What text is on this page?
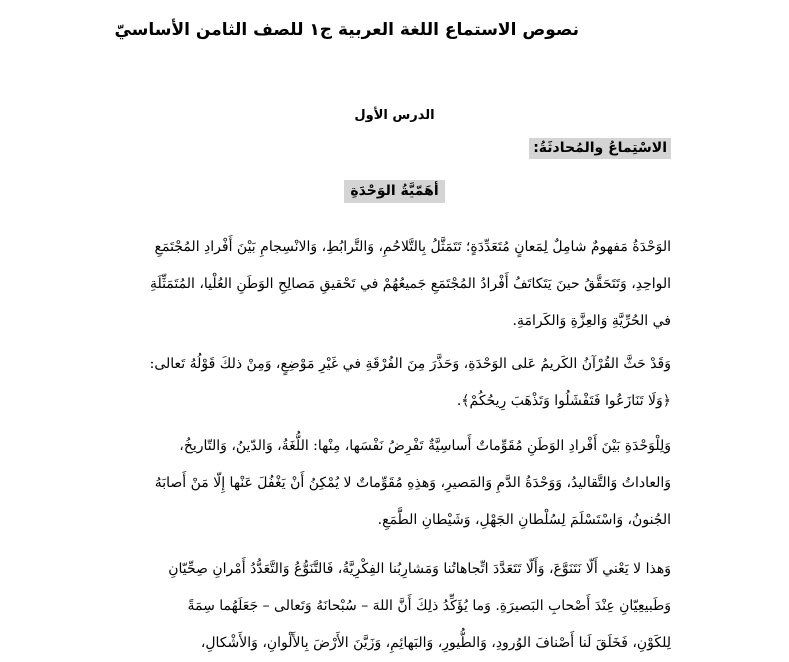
نصوص الاستماع اللغة العربية ج١ للصف الثامن الأساسيّ
الدرس الأول
الاسْتِماعُ والمُحادثَةُ:
أهَمّيَّةُ الوَحْدَةِ
الوَحْدَةُ مَفهومٌ شامِلٌ لِمَعانٍ مُتَعَدِّدَةٍ؛ تَتَمَثَّلُ بِالتَّلاحُمِ، وَالتَّرابُطِ، وَالانْسِجامِ بَيْنَ أَفْرادِ المُجْتَمَعِ
الواحِدِ، وَتَتَحَقَّقُ حينَ يَتَكاتَفُ أَفْرادُ المُجْتَمَعِ جَميعُهُمْ في تَحْقيقِ مَصالِحِ الوَطَنِ العُلْيا، المُتَمَثِّلَةِ
في الحُرِّيَّةِ وَالعِزَّةِ وَالكَرامَةِ.
وَقَدْ حَثَّ القُرْآنُ الكَريمُ عَلى الوَحْدَةِ، وَحَذَّرَ مِنَ الفُرْقَةِ في غَيْرِ مَوْضِعٍ، وَمِنْ ذلكَ قَوْلُهُ تَعالى:
﴿وَلَا تَنَازَعُوا فَتَفْشَلُوا وَتَذْهَبَ رِيحُكُمْ﴾.
وَلِلْوَحْدَةِ بَيْنَ أَفْرادِ الوَطَنِ مُقَوِّماتٌ أَساسِيَّةٌ تَفْرِضُ نَفْسَها، مِنْها: اللُّغَةُ، وَالدّينُ، وَالتّاريخُ،
وَالعاداتُ وَالتَّقاليدُ، وَوَحْدَةُ الدَّمِ وَالمَصيرِ، وَهذِهِ مُقَوِّماتٌ لا يُمْكِنُ أَنْ يَغْفُلَ عَنْها إِلّا مَنْ أَصابَهُ
الجُنونُ، وَاسْتَسْلَمَ لِسُلْطانِ الجَهْلِ، وَشَيْطانِ الطَّمَعِ.
وَهذا لا يَعْني أَلّا نَتَنَوَّعَ، وَأَلّا تَتَعَدَّدَ اتِّجاهاتُنا وَمَشارِبُنا الفِكْرِيَّةُ، فَالتَّنَوُّعُ وَالتَّعَدُّدُ أَمْرانِ صِحِّيّانِ
وَطَبيعِيّانِ عِنْدَ أَصْحابِ البَصيرَةِ. وَما يُؤَكِّدُ ذلِكَ أَنَّ اللهَ – سُبْحانَهُ وَتَعالى – جَعَلَهُما سِمَةً
لِلكَوْنِ، فَخَلَقَ لَنا أَصْنافَ الوُرودِ، وَالطُّيورِ، وَالبَهائِمِ، وَزَيَّنَ الأَرْضَ بِالأَلْوانِ، وَالأَشْكالِ،
